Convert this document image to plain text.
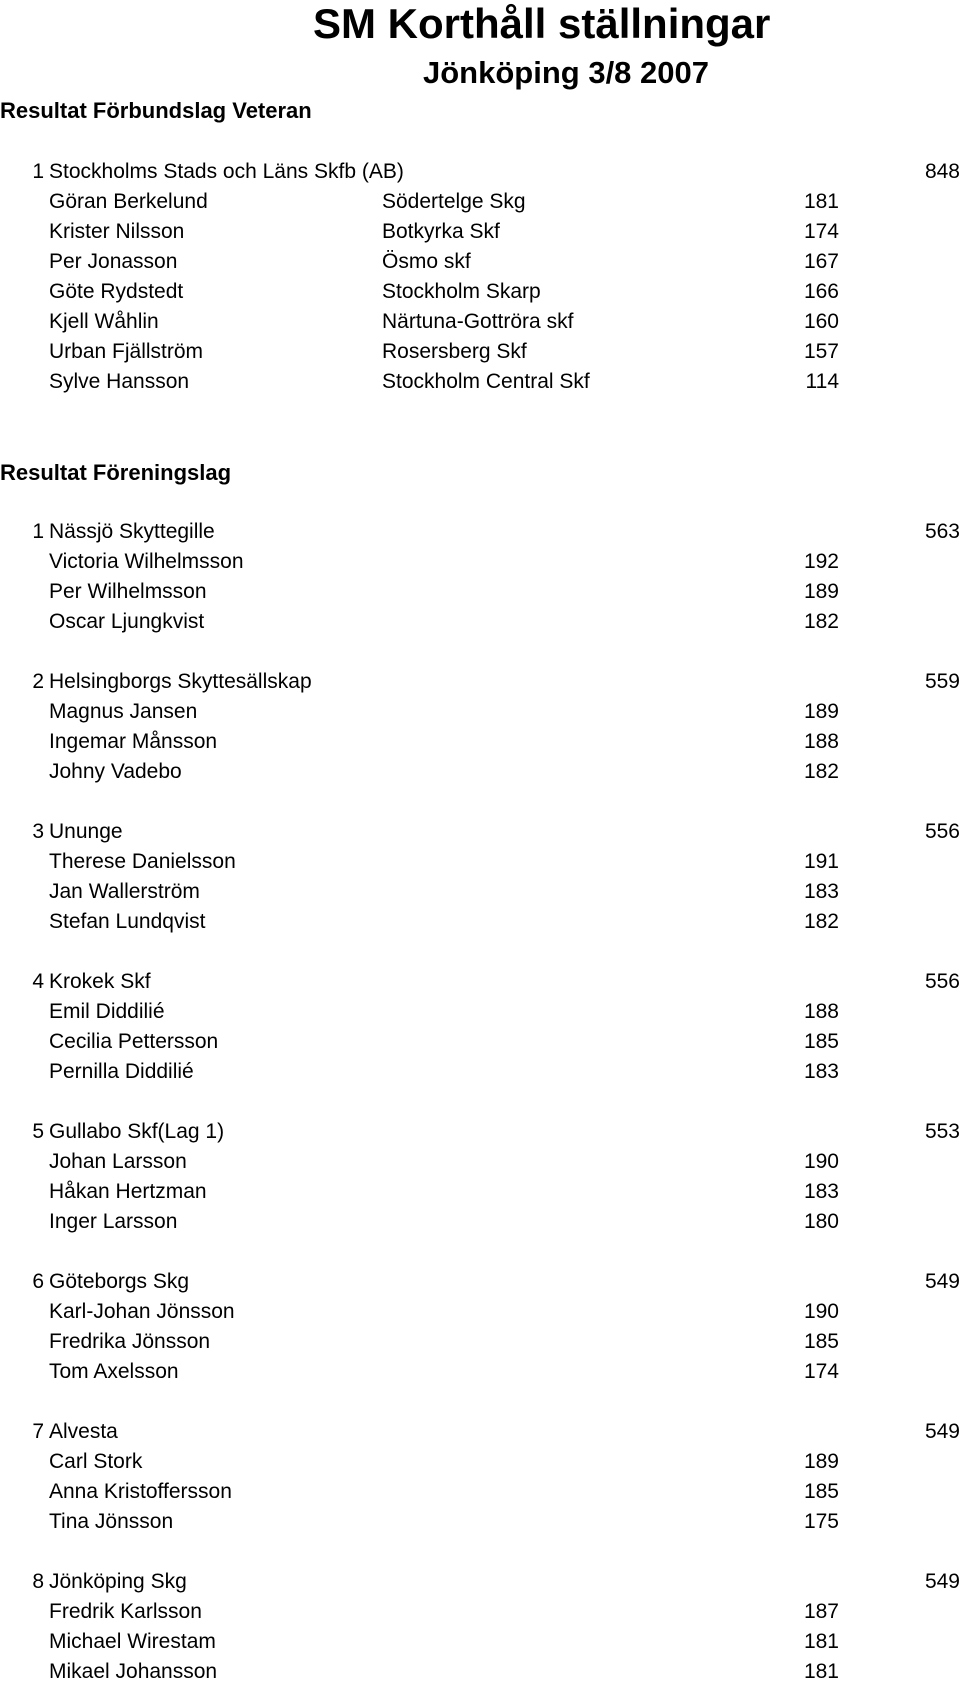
SM Korthåll ställningar
Jönköping 3/8 2007
Resultat Förbundslag Veteran
1 Stockholms Stads och Läns Skfb (AB)	848
Göran Berkelund	Södertelge Skg	181
Krister Nilsson	Botkyrka Skf	174
Per Jonasson	Ösmo skf	167
Göte Rydstedt	Stockholm Skarp	166
Kjell Wåhlin	Närtuna-Gottröra skf	160
Urban Fjällström	Rosersberg Skf	157
Sylve Hansson	Stockholm Central Skf	114
Resultat Föreningslag
1 Nässjö Skyttegille	563
Victoria Wilhelmsson	192
Per Wilhelmsson	189
Oscar Ljungkvist	182
2 Helsingborgs Skyttesällskap	559
Magnus Jansen	189
Ingemar Månsson	188
Johny Vadebo	182
3 Ununge	556
Therese Danielsson	191
Jan Wallerström	183
Stefan Lundqvist	182
4 Krokek Skf	556
Emil Diddilié	188
Cecilia Pettersson	185
Pernilla Diddilié	183
5 Gullabo Skf(Lag 1)	553
Johan Larsson	190
Håkan Hertzman	183
Inger Larsson	180
6 Göteborgs Skg	549
Karl-Johan Jönsson	190
Fredrika Jönsson	185
Tom Axelsson	174
7 Alvesta	549
Carl Stork	189
Anna Kristoffersson	185
Tina Jönsson	175
8 Jönköping Skg	549
Fredrik Karlsson	187
Michael Wirestam	181
Mikael Johansson	181
